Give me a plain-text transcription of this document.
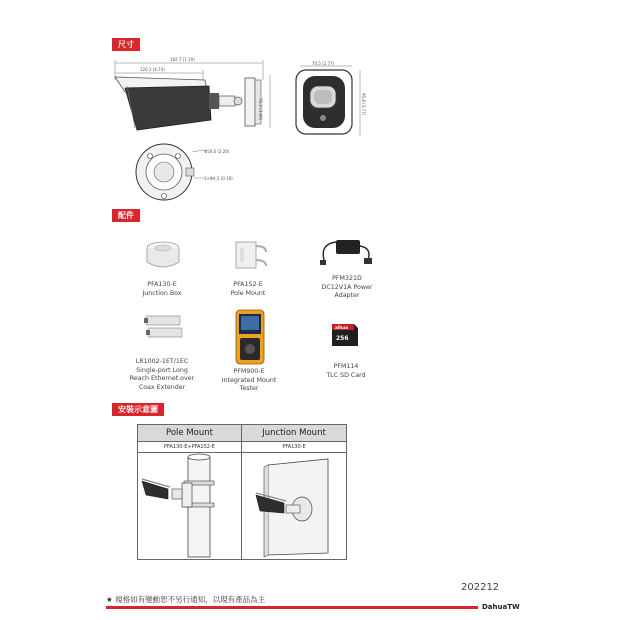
尺寸
182.7 (7.19)
120.3 (4.74)
76.2 (3.00)
70.5 (2.77)
95.8 (3.77)
Φ56.0 (2.20)
3×Φ4.5 (0.18)
配件
PFA130-E
Junction Box
PFA152-E
Pole Mount
PFM321D
DC12V1A Power
Adapter
alhua
256
LR1002-1ET/1EC
Single-port Long
Reach Ethernet over
Coax Extender
PFM900-E
Integrated Mount
Tester
PFM114
TLC SD Card
安裝示意圖
Pole Mount	Junction Mount
PFA130-E+PFA152-E	PFA130-E
202212
★ 規格如有變動恕不另行通知，以現有產品為主
DahuaTW
